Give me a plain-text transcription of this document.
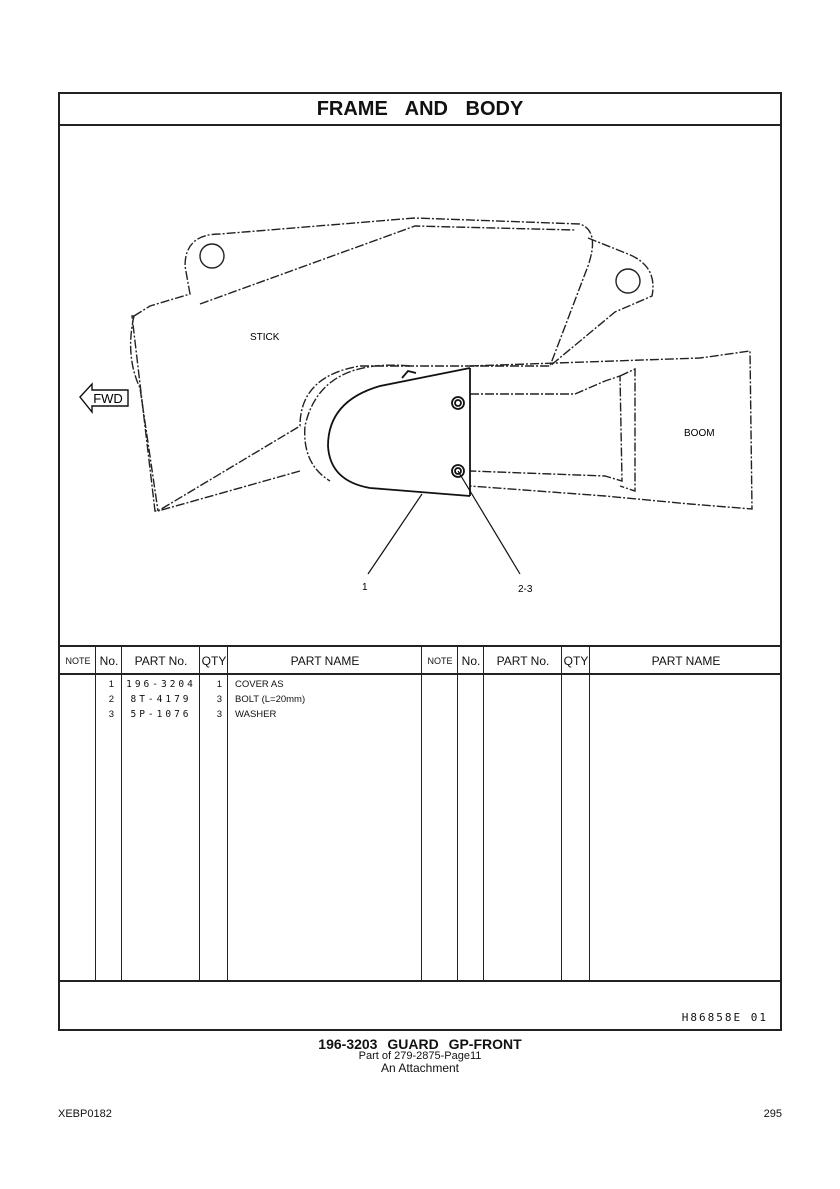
FRAME AND BODY
FWD
STICK
BOOM
1	2-3
NOTE No.	PART No.	QTY	PART NAME	NOTE No.	PART No.	QTY	PART NAME
1	196-3204	1 COVER AS
2	8T-4179	3 BOLT (L=20mm)
3	5P-1076	3 WASHER
H86858E 01
196-3203 GUARD GP-FRONT
Part of 279-2875-Page11
An Attachment
XEBP0182	295
